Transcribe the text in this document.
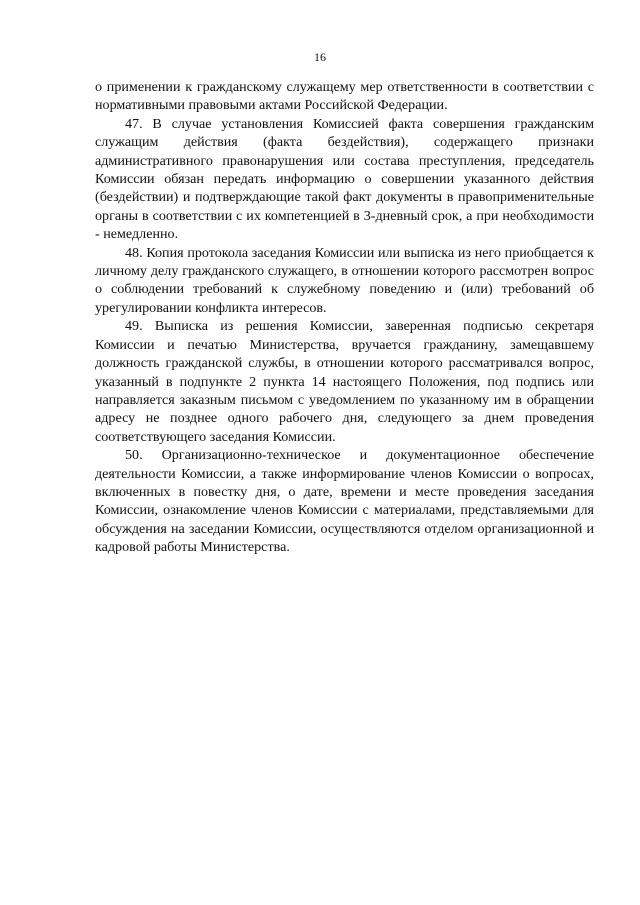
16

о применении к гражданскому служащему мер ответственности в соответствии с нормативными правовыми актами Российской Федерации.

47. В случае установления Комиссией факта совершения гражданским служащим действия (факта бездействия), содержащего признаки административного правонарушения или состава преступления, председатель Комиссии обязан передать информацию о совершении указанного действия (бездействии) и подтверждающие такой факт документы в правоприменительные органы в соответствии с их компетенцией в 3-дневный срок, а при необходимости - немедленно.

48. Копия протокола заседания Комиссии или выписка из него приобщается к личному делу гражданского служащего, в отношении которого рассмотрен вопрос о соблюдении требований к служебному поведению и (или) требований об урегулировании конфликта интересов.

49. Выписка из решения Комиссии, заверенная подписью секретаря Комиссии и печатью Министерства, вручается гражданину, замещавшему должность гражданской службы, в отношении которого рассматривался вопрос, указанный в подпункте 2 пункта 14 настоящего Положения, под подпись или направляется заказным письмом с уведомлением по указанному им в обращении адресу не позднее одного рабочего дня, следующего за днем проведения соответствующего заседания Комиссии.

50. Организационно-техническое и документационное обеспечение деятельности Комиссии, а также информирование членов Комиссии о вопросах, включенных в повестку дня, о дате, времени и месте проведения заседания Комиссии, ознакомление членов Комиссии с материалами, представляемыми для обсуждения на заседании Комиссии, осуществляются отделом организационной и кадровой работы Министерства.
